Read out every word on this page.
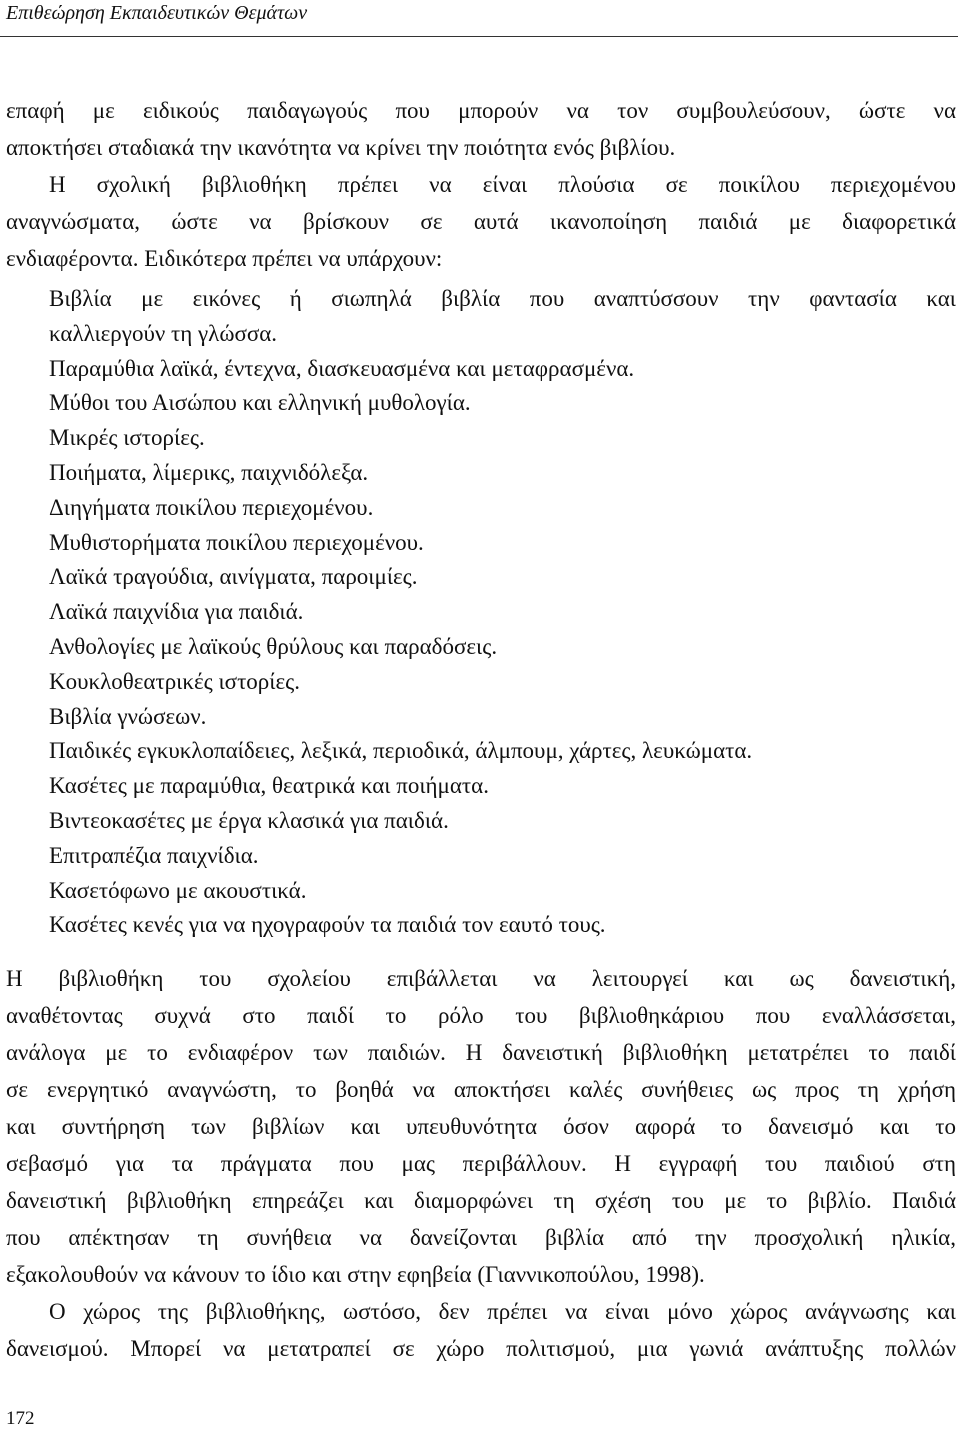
Επιθεώρηση Εκπαιδευτικών Θεμάτων
επαφή με ειδικούς παιδαγωγούς που μπορούν να τον συμβουλεύσουν, ώστε να
αποκτήσει σταδιακά την ικανότητα να κρίνει την ποιότητα ενός βιβλίου.
Η σχολική βιβλιοθήκη πρέπει να είναι πλούσια σε ποικίλου περιεχομένου
αναγνώσματα, ώστε να βρίσκουν σε αυτά ικανοποίηση παιδιά με διαφορετικά
ενδιαφέροντα. Ειδικότερα πρέπει να υπάρχουν:
Βιβλία με εικόνες ή σιωπηλά βιβλία που αναπτύσσουν την φαντασία και
καλλιεργούν τη γλώσσα.
Παραμύθια λαϊκά, έντεχνα, διασκευασμένα και μεταφρασμένα.
Μύθοι του Αισώπου και ελληνική μυθολογία.
Μικρές ιστορίες.
Ποιήματα, λίμερικς, παιχνιδόλεξα.
Διηγήματα ποικίλου περιεχομένου.
Μυθιστορήματα ποικίλου περιεχομένου.
Λαϊκά τραγούδια, αινίγματα, παροιμίες.
Λαϊκά παιχνίδια για παιδιά.
Ανθολογίες με λαϊκούς θρύλους και παραδόσεις.
Κουκλοθεατρικές ιστορίες.
Βιβλία γνώσεων.
Παιδικές εγκυκλοπαίδειες, λεξικά, περιοδικά, άλμπουμ, χάρτες, λευκώματα.
Κασέτες με παραμύθια, θεατρικά και ποιήματα.
Βιντεοκασέτες με έργα κλασικά για παιδιά.
Επιτραπέζια παιχνίδια.
Κασετόφωνο με ακουστικά.
Κασέτες κενές για να ηχογραφούν τα παιδιά τον εαυτό τους.
Η βιβλιοθήκη του σχολείου επιβάλλεται να λειτουργεί και ως δανειστική,
αναθέτοντας συχνά στο παιδί το ρόλο του βιβλιοθηκάριου που εναλλάσσεται,
ανάλογα με το ενδιαφέρον των παιδιών. Η δανειστική βιβλιοθήκη μετατρέπει το παιδί
σε ενεργητικό αναγνώστη, το βοηθά να αποκτήσει καλές συνήθειες ως προς τη χρήση
και συντήρηση των βιβλίων και υπευθυνότητα όσον αφορά το δανεισμό και το
σεβασμό για τα πράγματα που μας περιβάλλουν. Η εγγραφή του παιδιού στη
δανειστική βιβλιοθήκη επηρεάζει και διαμορφώνει τη σχέση του με το βιβλίο. Παιδιά
που απέκτησαν τη συνήθεια να δανείζονται βιβλία από την προσχολική ηλικία,
εξακολουθούν να κάνουν το ίδιο και στην εφηβεία (Γιαννικοπούλου, 1998).
Ο χώρος της βιβλιοθήκης, ωστόσο, δεν πρέπει να είναι μόνο χώρος ανάγνωσης και
δανεισμού. Μπορεί να μετατραπεί σε χώρο πολιτισμού, μια γωνιά ανάπτυξης πολλών
172
